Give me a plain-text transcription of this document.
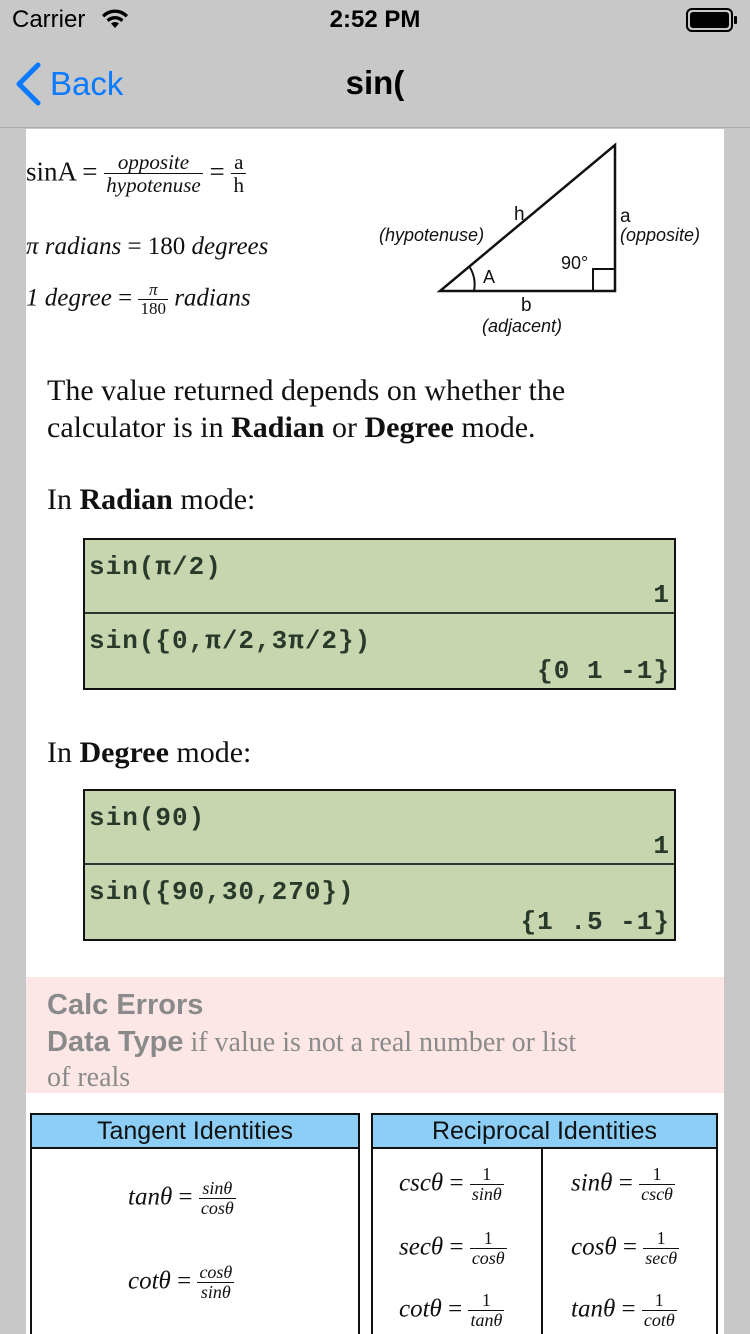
Carrier	2:52 PM
Back	sin(
$\sin A = \frac{\text{opposite}}{\text{hypotenuse}} = \frac{a}{h}$
π radians = 180 degrees
1 degree = $\frac{\pi}{180}$ radians
h
(hypotenuse)
a
(opposite)
90°
A
b
(adjacent)
The value returned depends on whether the
calculator is in Radian or Degree mode.
In Radian mode:
sin(π/2)
1
sin({0,π/2,3π/2})
{0 1 -1}
In Degree mode:
sin(90)
1
sin({90,30,270})
{1 .5 -1}
Calc Errors
Data Type if value is not a real number or list
of reals
Tangent Identities
$\tan\theta = \frac{\sin\theta}{\cos\theta}$
$\cot\theta = \frac{\cos\theta}{\sin\theta}$
Reciprocal Identities
$\csc\theta = \frac{1}{\sin\theta}$
$\sec\theta = \frac{1}{\cos\theta}$
$\cot\theta = \frac{1}{\tan\theta}$
$\sin\theta = \frac{1}{\csc\theta}$
$\cos\theta = \frac{1}{\sec\theta}$
$\tan\theta = \frac{1}{\cot\theta}$
